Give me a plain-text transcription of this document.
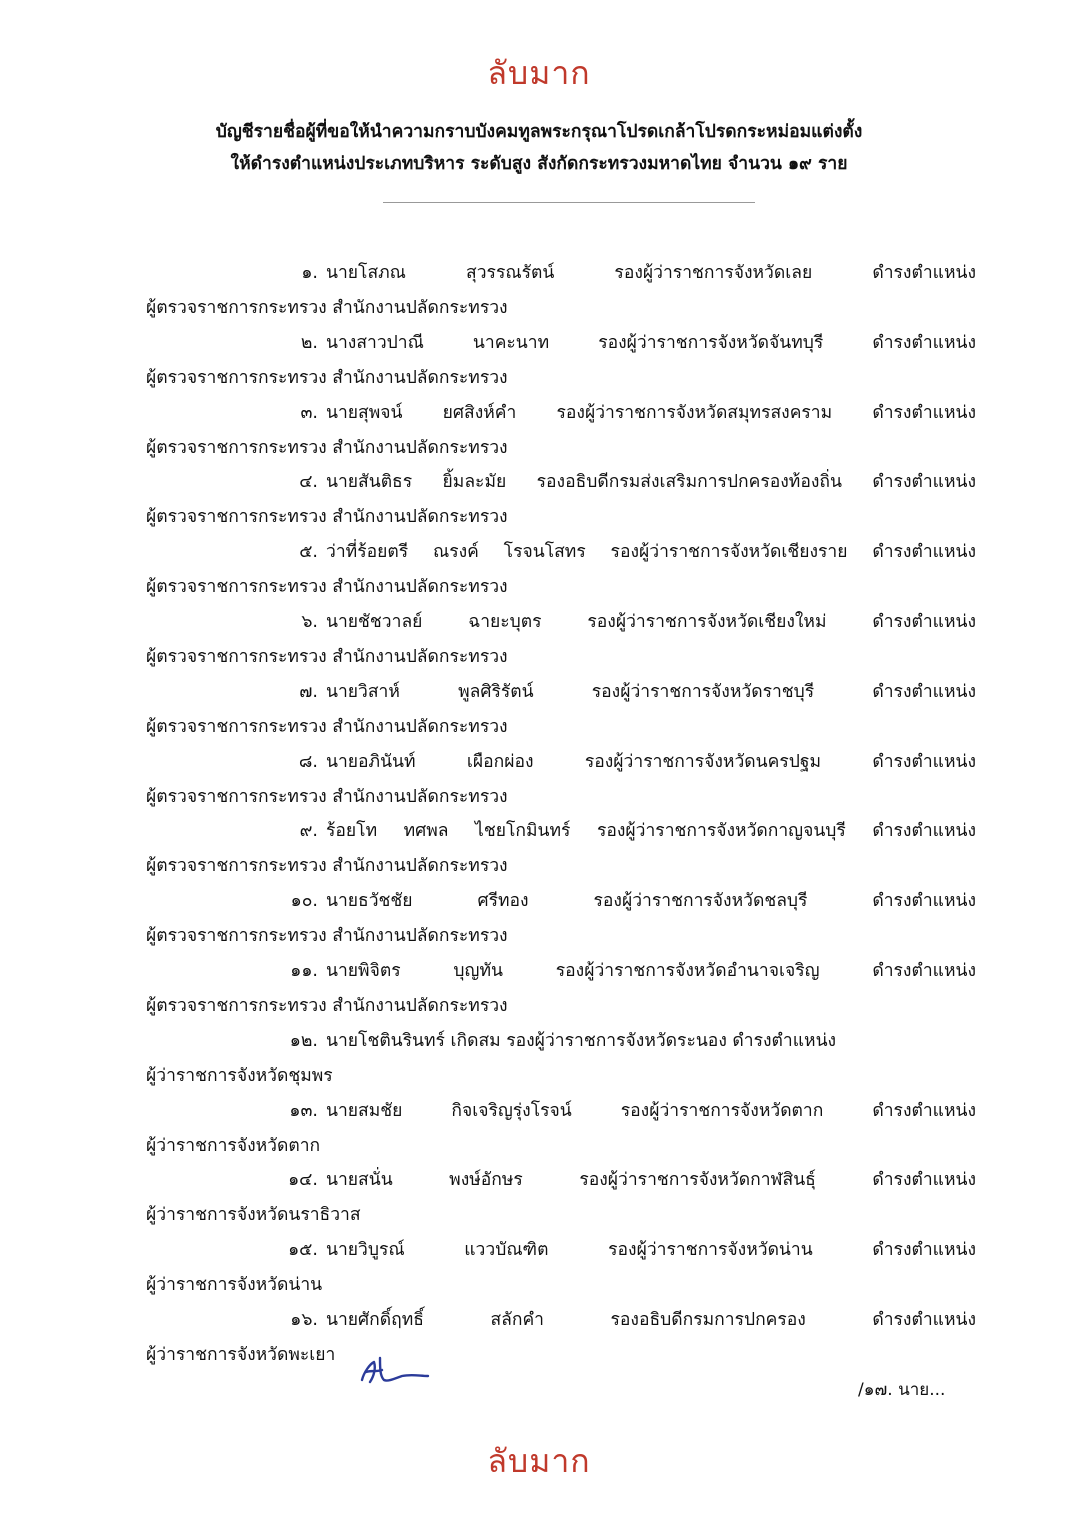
ลับมาก
บัญชีรายชื่อผู้ที่ขอให้นำความกราบบังคมทูลพระกรุณาโปรดเกล้าโปรดกระหม่อมแต่งตั้ง
ให้ดำรงตำแหน่งประเภทบริหาร ระดับสูง สังกัดกระทรวงมหาดไทย จำนวน ๑๙ ราย
๑. นายโสภณ สุวรรณรัตน์ รองผู้ว่าราชการจังหวัดเลย ดำรงตำแหน่ง
ผู้ตรวจราชการกระทรวง สำนักงานปลัดกระทรวง
๒. นางสาวปาณี นาคะนาท รองผู้ว่าราชการจังหวัดจันทบุรี ดำรงตำแหน่ง
ผู้ตรวจราชการกระทรวง สำนักงานปลัดกระทรวง
๓. นายสุพจน์ ยศสิงห์คำ รองผู้ว่าราชการจังหวัดสมุทรสงคราม ดำรงตำแหน่ง
ผู้ตรวจราชการกระทรวง สำนักงานปลัดกระทรวง
๔. นายสันติธร ยิ้มละมัย รองอธิบดีกรมส่งเสริมการปกครองท้องถิ่น ดำรงตำแหน่ง
ผู้ตรวจราชการกระทรวง สำนักงานปลัดกระทรวง
๕. ว่าที่ร้อยตรี ณรงค์ โรจนโสทร รองผู้ว่าราชการจังหวัดเชียงราย ดำรงตำแหน่ง
ผู้ตรวจราชการกระทรวง สำนักงานปลัดกระทรวง
๖. นายชัชวาลย์ ฉายะบุตร รองผู้ว่าราชการจังหวัดเชียงใหม่ ดำรงตำแหน่ง
ผู้ตรวจราชการกระทรวง สำนักงานปลัดกระทรวง
๗. นายวิสาห์ พูลศิริรัตน์ รองผู้ว่าราชการจังหวัดราชบุรี ดำรงตำแหน่ง
ผู้ตรวจราชการกระทรวง สำนักงานปลัดกระทรวง
๘. นายอภินันท์ เผือกผ่อง รองผู้ว่าราชการจังหวัดนครปฐม ดำรงตำแหน่ง
ผู้ตรวจราชการกระทรวง สำนักงานปลัดกระทรวง
๙. ร้อยโท ทศพล ไชยโกมินทร์ รองผู้ว่าราชการจังหวัดกาญจนบุรี ดำรงตำแหน่ง
ผู้ตรวจราชการกระทรวง สำนักงานปลัดกระทรวง
๑๐. นายธวัชชัย ศรีทอง รองผู้ว่าราชการจังหวัดชลบุรี ดำรงตำแหน่ง
ผู้ตรวจราชการกระทรวง สำนักงานปลัดกระทรวง
๑๑. นายพิจิตร บุญทัน รองผู้ว่าราชการจังหวัดอำนาจเจริญ ดำรงตำแหน่ง
ผู้ตรวจราชการกระทรวง สำนักงานปลัดกระทรวง
๑๒. นายโชตินรินทร์ เกิดสม รองผู้ว่าราชการจังหวัดระนอง ดำรงตำแหน่ง
ผู้ว่าราชการจังหวัดชุมพร
๑๓. นายสมชัย กิจเจริญรุ่งโรจน์ รองผู้ว่าราชการจังหวัดตาก ดำรงตำแหน่ง
ผู้ว่าราชการจังหวัดตาก
๑๔. นายสนั่น พงษ์อักษร รองผู้ว่าราชการจังหวัดกาฬสินธุ์ ดำรงตำแหน่ง
ผู้ว่าราชการจังหวัดนราธิวาส
๑๕. นายวิบูรณ์ แววบัณฑิต รองผู้ว่าราชการจังหวัดน่าน ดำรงตำแหน่ง
ผู้ว่าราชการจังหวัดน่าน
๑๖. นายศักดิ์ฤทธิ์ สลักคำ รองอธิบดีกรมการปกครอง ดำรงตำแหน่ง
ผู้ว่าราชการจังหวัดพะเยา
/๑๗. นาย...
ลับมาก
